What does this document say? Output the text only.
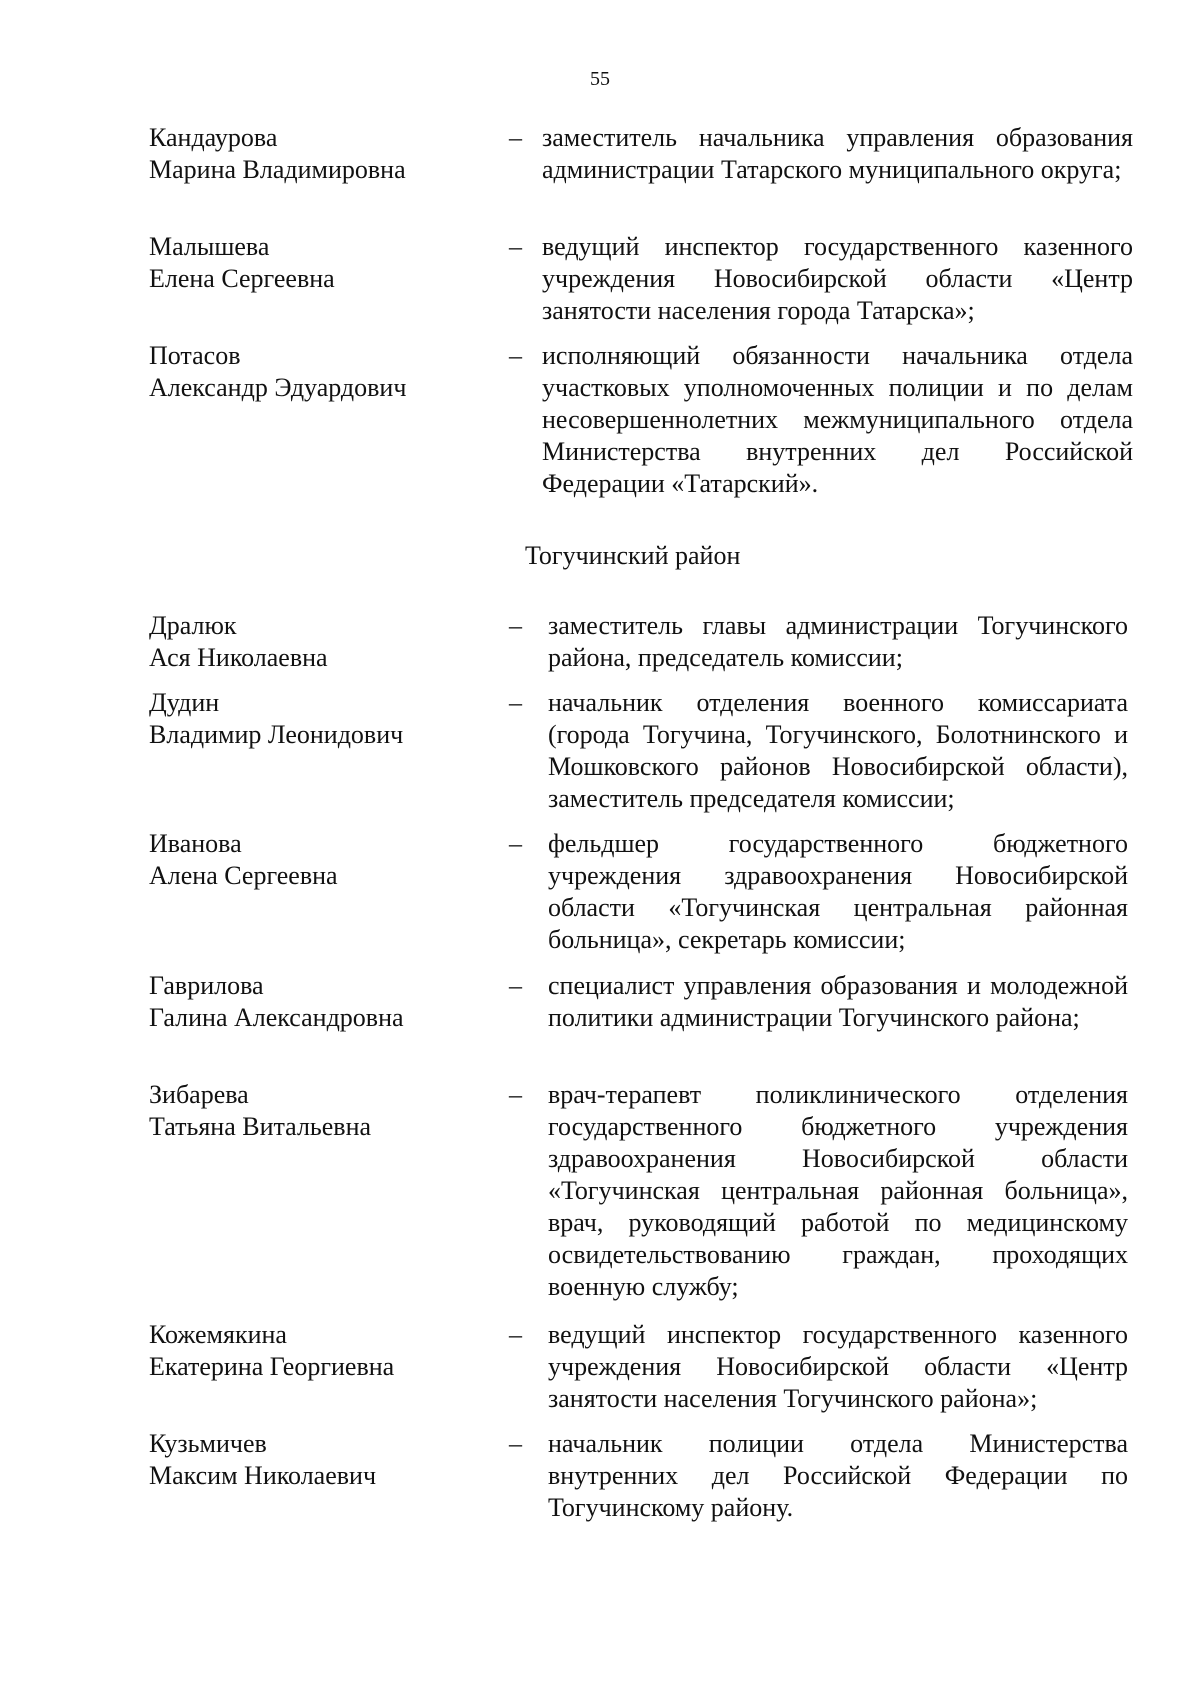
55
Кандаурова
Марина Владимировна
– заместитель начальника управления образования администрации Татарского муниципального округа;
Малышева
Елена Сергеевна
– ведущий инспектор государственного казенного учреждения Новосибирской области «Центр занятости населения города Татарска»;
Потасов
Александр Эдуардович
– исполняющий обязанности начальника отдела участковых уполномоченных полиции и по делам несовершеннолетних межмуниципального отдела Министерства внутренних дел Российской Федерации «Татарский».
Дралюк
Ася Николаевна
– заместитель главы администрации Тогучинского района, председатель комиссии;
Дудин
Владимир Леонидович
– начальник отделения военного комиссариата (города Тогучина, Тогучинского, Болотнинского и Мошковского районов Новосибирской области), заместитель председателя комиссии;
Иванова
Алена Сергеевна
– фельдшер государственного бюджетного учреждения здравоохранения Новосибирской области «Тогучинская центральная районная больница», секретарь комиссии;
Гаврилова
Галина Александровна
– специалист управления образования и молодежной политики администрации Тогучинского района;
Зибарева
Татьяна Витальевна
– врач-терапевт поликлинического отделения государственного бюджетного учреждения здравоохранения Новосибирской области «Тогучинская центральная районная больница», врач, руководящий работой по медицинскому освидетельствованию граждан, проходящих военную службу;
Кожемякина
Екатерина Георгиевна
– ведущий инспектор государственного казенного учреждения Новосибирской области «Центр занятости населения Тогучинского района»;
Кузьмичев
Максим Николаевич
– начальник полиции отдела Министерства внутренних дел Российской Федерации по Тогучинскому району.
Тогучинский район
